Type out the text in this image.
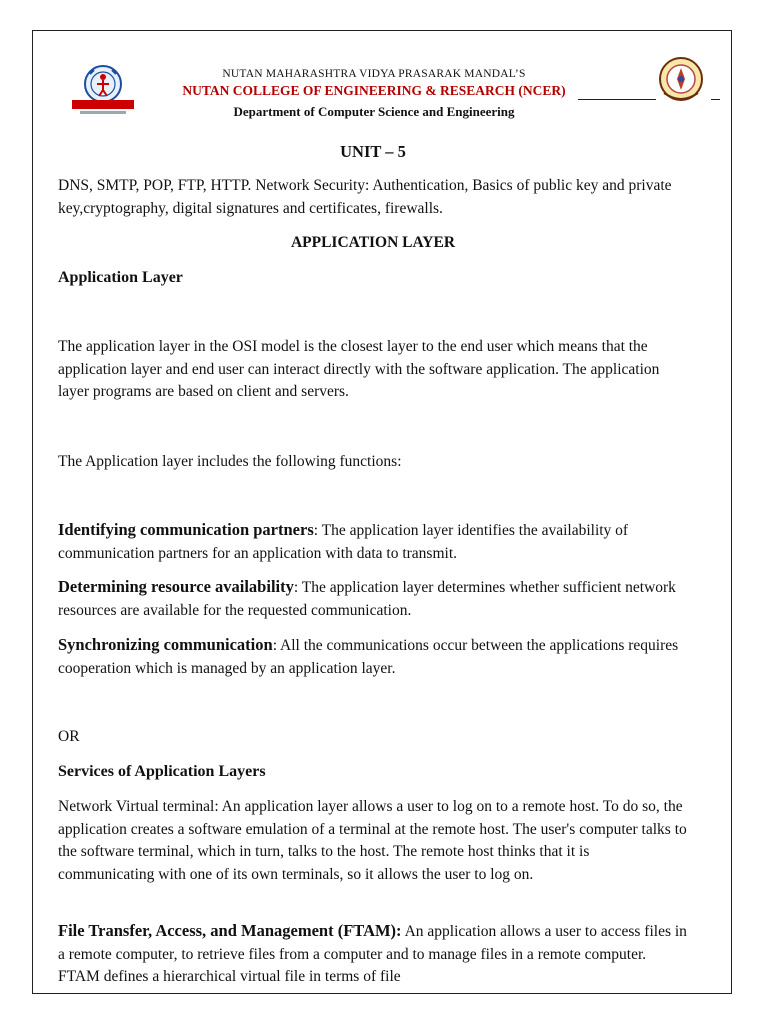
NUTAN MAHARASHTRA VIDYA PRASARAK MANDAL’S
NUTAN COLLEGE OF ENGINEERING & RESEARCH (NCER)
Department of Computer Science and Engineering

UNIT – 5

DNS, SMTP, POP, FTP, HTTP. Network Security: Authentication, Basics of public key and private key,cryptography, digital signatures and certificates, firewalls.

APPLICATION LAYER

Application Layer

The application layer in the OSI model is the closest layer to the end user which means that the application layer and end user can interact directly with the software application. The application layer programs are based on client and servers.

The Application layer includes the following functions:

Identifying communication partners: The application layer identifies the availability of communication partners for an application with data to transmit.

Determining resource availability: The application layer determines whether sufficient network resources are available for the requested communication.

Synchronizing communication: All the communications occur between the applications requires cooperation which is managed by an application layer.

OR

Services of Application Layers

Network Virtual terminal: An application layer allows a user to log on to a remote host. To do so, the application creates a software emulation of a terminal at the remote host. The user's computer talks to the software terminal, which in turn, talks to the host. The remote host thinks that it is communicating with one of its own terminals, so it allows the user to log on.

File Transfer, Access, and Management (FTAM): An application allows a user to access files in a remote computer, to retrieve files from a computer and to manage files in a remote computer. FTAM defines a hierarchical virtual file in terms of file
